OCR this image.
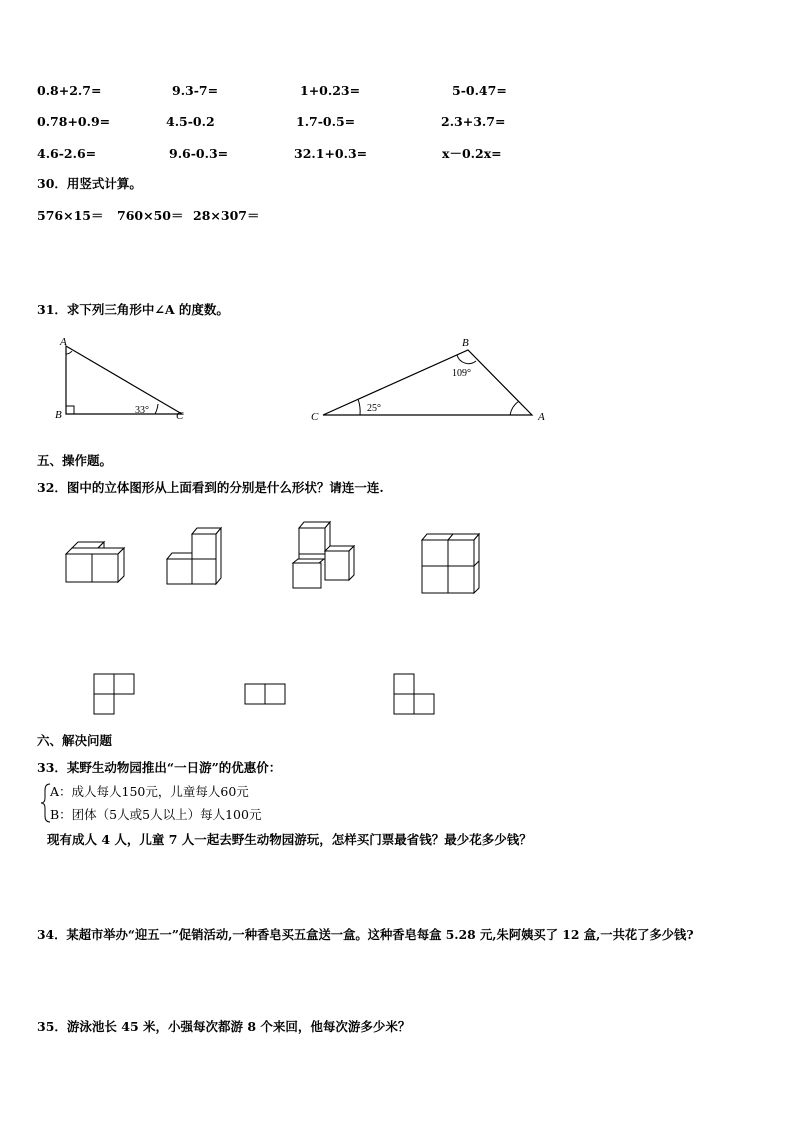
0.8+2.7=	9.3-7=	1+0.23=	5-0.47=
0.78+0.9=	4.5-0.2	1.7-0.5=	2.3+3.7=
4.6-2.6=	9.6-0.3=	32.1+0.3=	x－0.2x=
30．用竖式计算。
576×15＝ 760×50＝ 28×307＝
31．求下列三角形中∠A 的度数。
A
B	C
33°
B
C	A
109°
25°
五、操作题。
32．图中的立体图形从上面看到的分别是什么形状？请连一连.
六、解决问题
33．某野生动物园推出“一日游”的优惠价：
A：成人每人150元，儿童每人60元
B：团体（5人或5人以上）每人100元
现有成人 4 人，儿童 7 人一起去野生动物园游玩，怎样买门票最省钱？最少花多少钱？
34．某超市举办“迎五一”促销活动,一种香皂买五盒送一盒。这种香皂每盒 5.28 元,朱阿姨买了 12 盒,一共花了多少钱?
35．游泳池长 45 米，小强每次都游 8 个来回，他每次游多少米？
